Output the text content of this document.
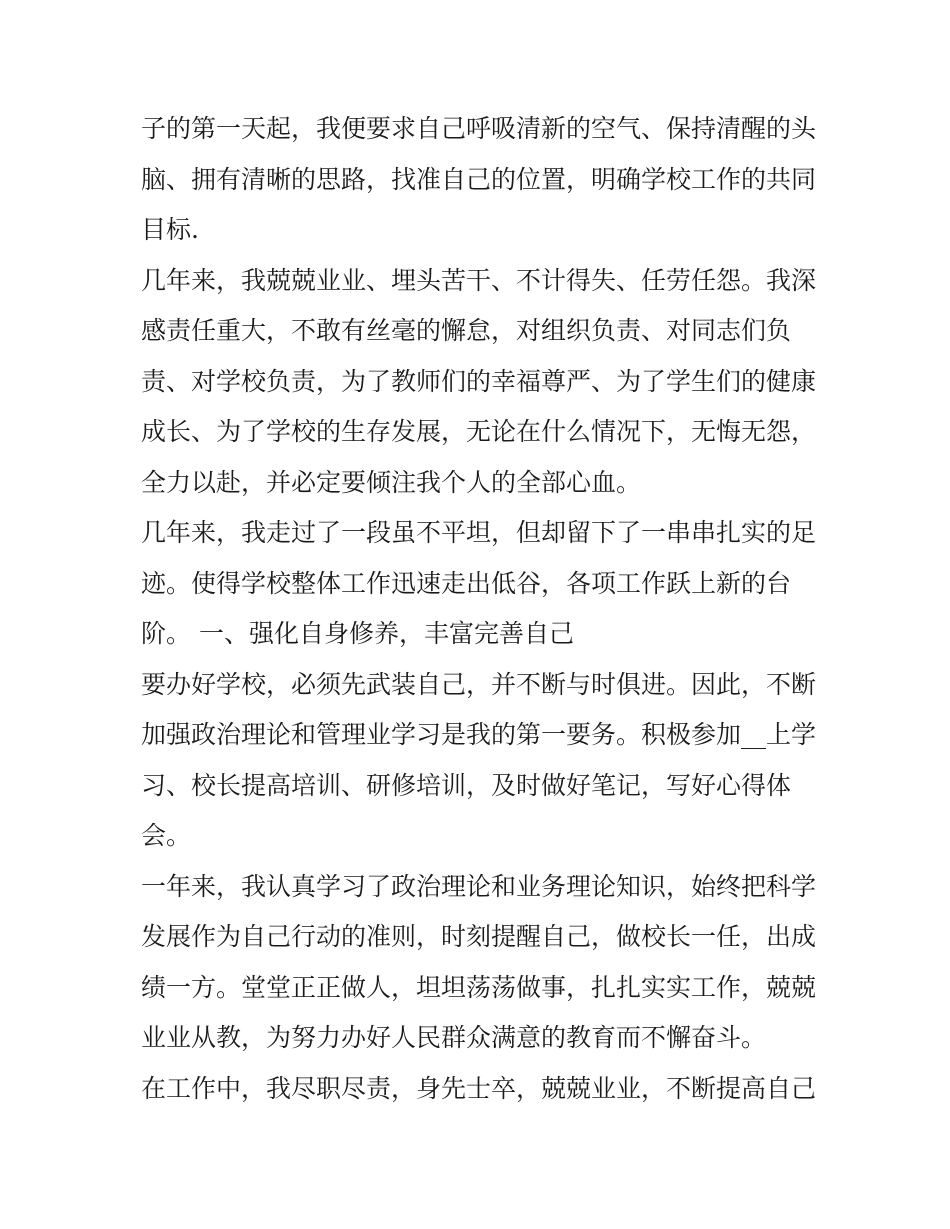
子的第一天起，我便要求自己呼吸清新的空气、保持清醒的头
脑、拥有清晰的思路，找准自己的位置，明确学校工作的共同
目标.
几年来，我兢兢业业、埋头苦干、不计得失、任劳任怨。我深
感责任重大，不敢有丝毫的懈怠，对组织负责、对同志们负
责、对学校负责，为了教师们的幸福尊严、为了学生们的健康
成长、为了学校的生存发展，无论在什么情况下，无悔无怨，
全力以赴，并必定要倾注我个人的全部心血。
几年来，我走过了一段虽不平坦，但却留下了一串串扎实的足
迹。使得学校整体工作迅速走出低谷，各项工作跃上新的台
阶。 一、强化自身修养，丰富完善自己
要办好学校，必须先武装自己，并不断与时俱进。因此，不断
加强政治理论和管理业学习是我的第一要务。积极参加__上学
习、校长提高培训、研修培训，及时做好笔记，写好心得体
会。
一年来，我认真学习了政治理论和业务理论知识，始终把科学
发展作为自己行动的准则，时刻提醒自己，做校长一任，出成
绩一方。堂堂正正做人，坦坦荡荡做事，扎扎实实工作，兢兢
业业从教，为努力办好人民群众满意的教育而不懈奋斗。
在工作中，我尽职尽责，身先士卒，兢兢业业，不断提高自己
